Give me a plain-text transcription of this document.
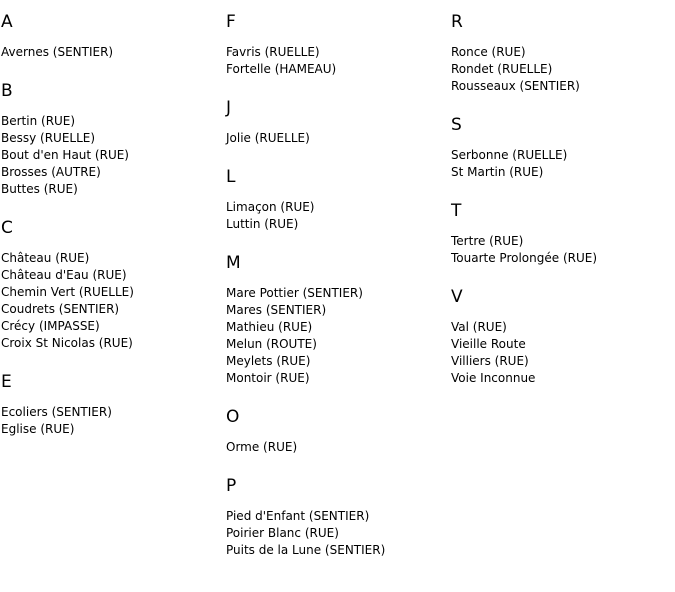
A
Avernes (SENTIER)
B
Bertin (RUE)
Bessy (RUELLE)
Bout d'en Haut (RUE)
Brosses (AUTRE)
Buttes (RUE)
C
Château (RUE)
Château d'Eau (RUE)
Chemin Vert (RUELLE)
Coudrets (SENTIER)
Crécy (IMPASSE)
Croix St Nicolas (RUE)
E
Ecoliers (SENTIER)
Eglise (RUE)
F
Favris (RUELLE)
Fortelle (HAMEAU)
J
Jolie (RUELLE)
L
Limaçon (RUE)
Luttin (RUE)
M
Mare Pottier (SENTIER)
Mares (SENTIER)
Mathieu (RUE)
Melun (ROUTE)
Meylets (RUE)
Montoir (RUE)
O
Orme (RUE)
P
Pied d'Enfant (SENTIER)
Poirier Blanc (RUE)
Puits de la Lune (SENTIER)
R
Ronce (RUE)
Rondet (RUELLE)
Rousseaux (SENTIER)
S
Serbonne (RUELLE)
St Martin (RUE)
T
Tertre (RUE)
Touarte Prolongée (RUE)
V
Val (RUE)
Vieille Route
Villiers (RUE)
Voie Inconnue
